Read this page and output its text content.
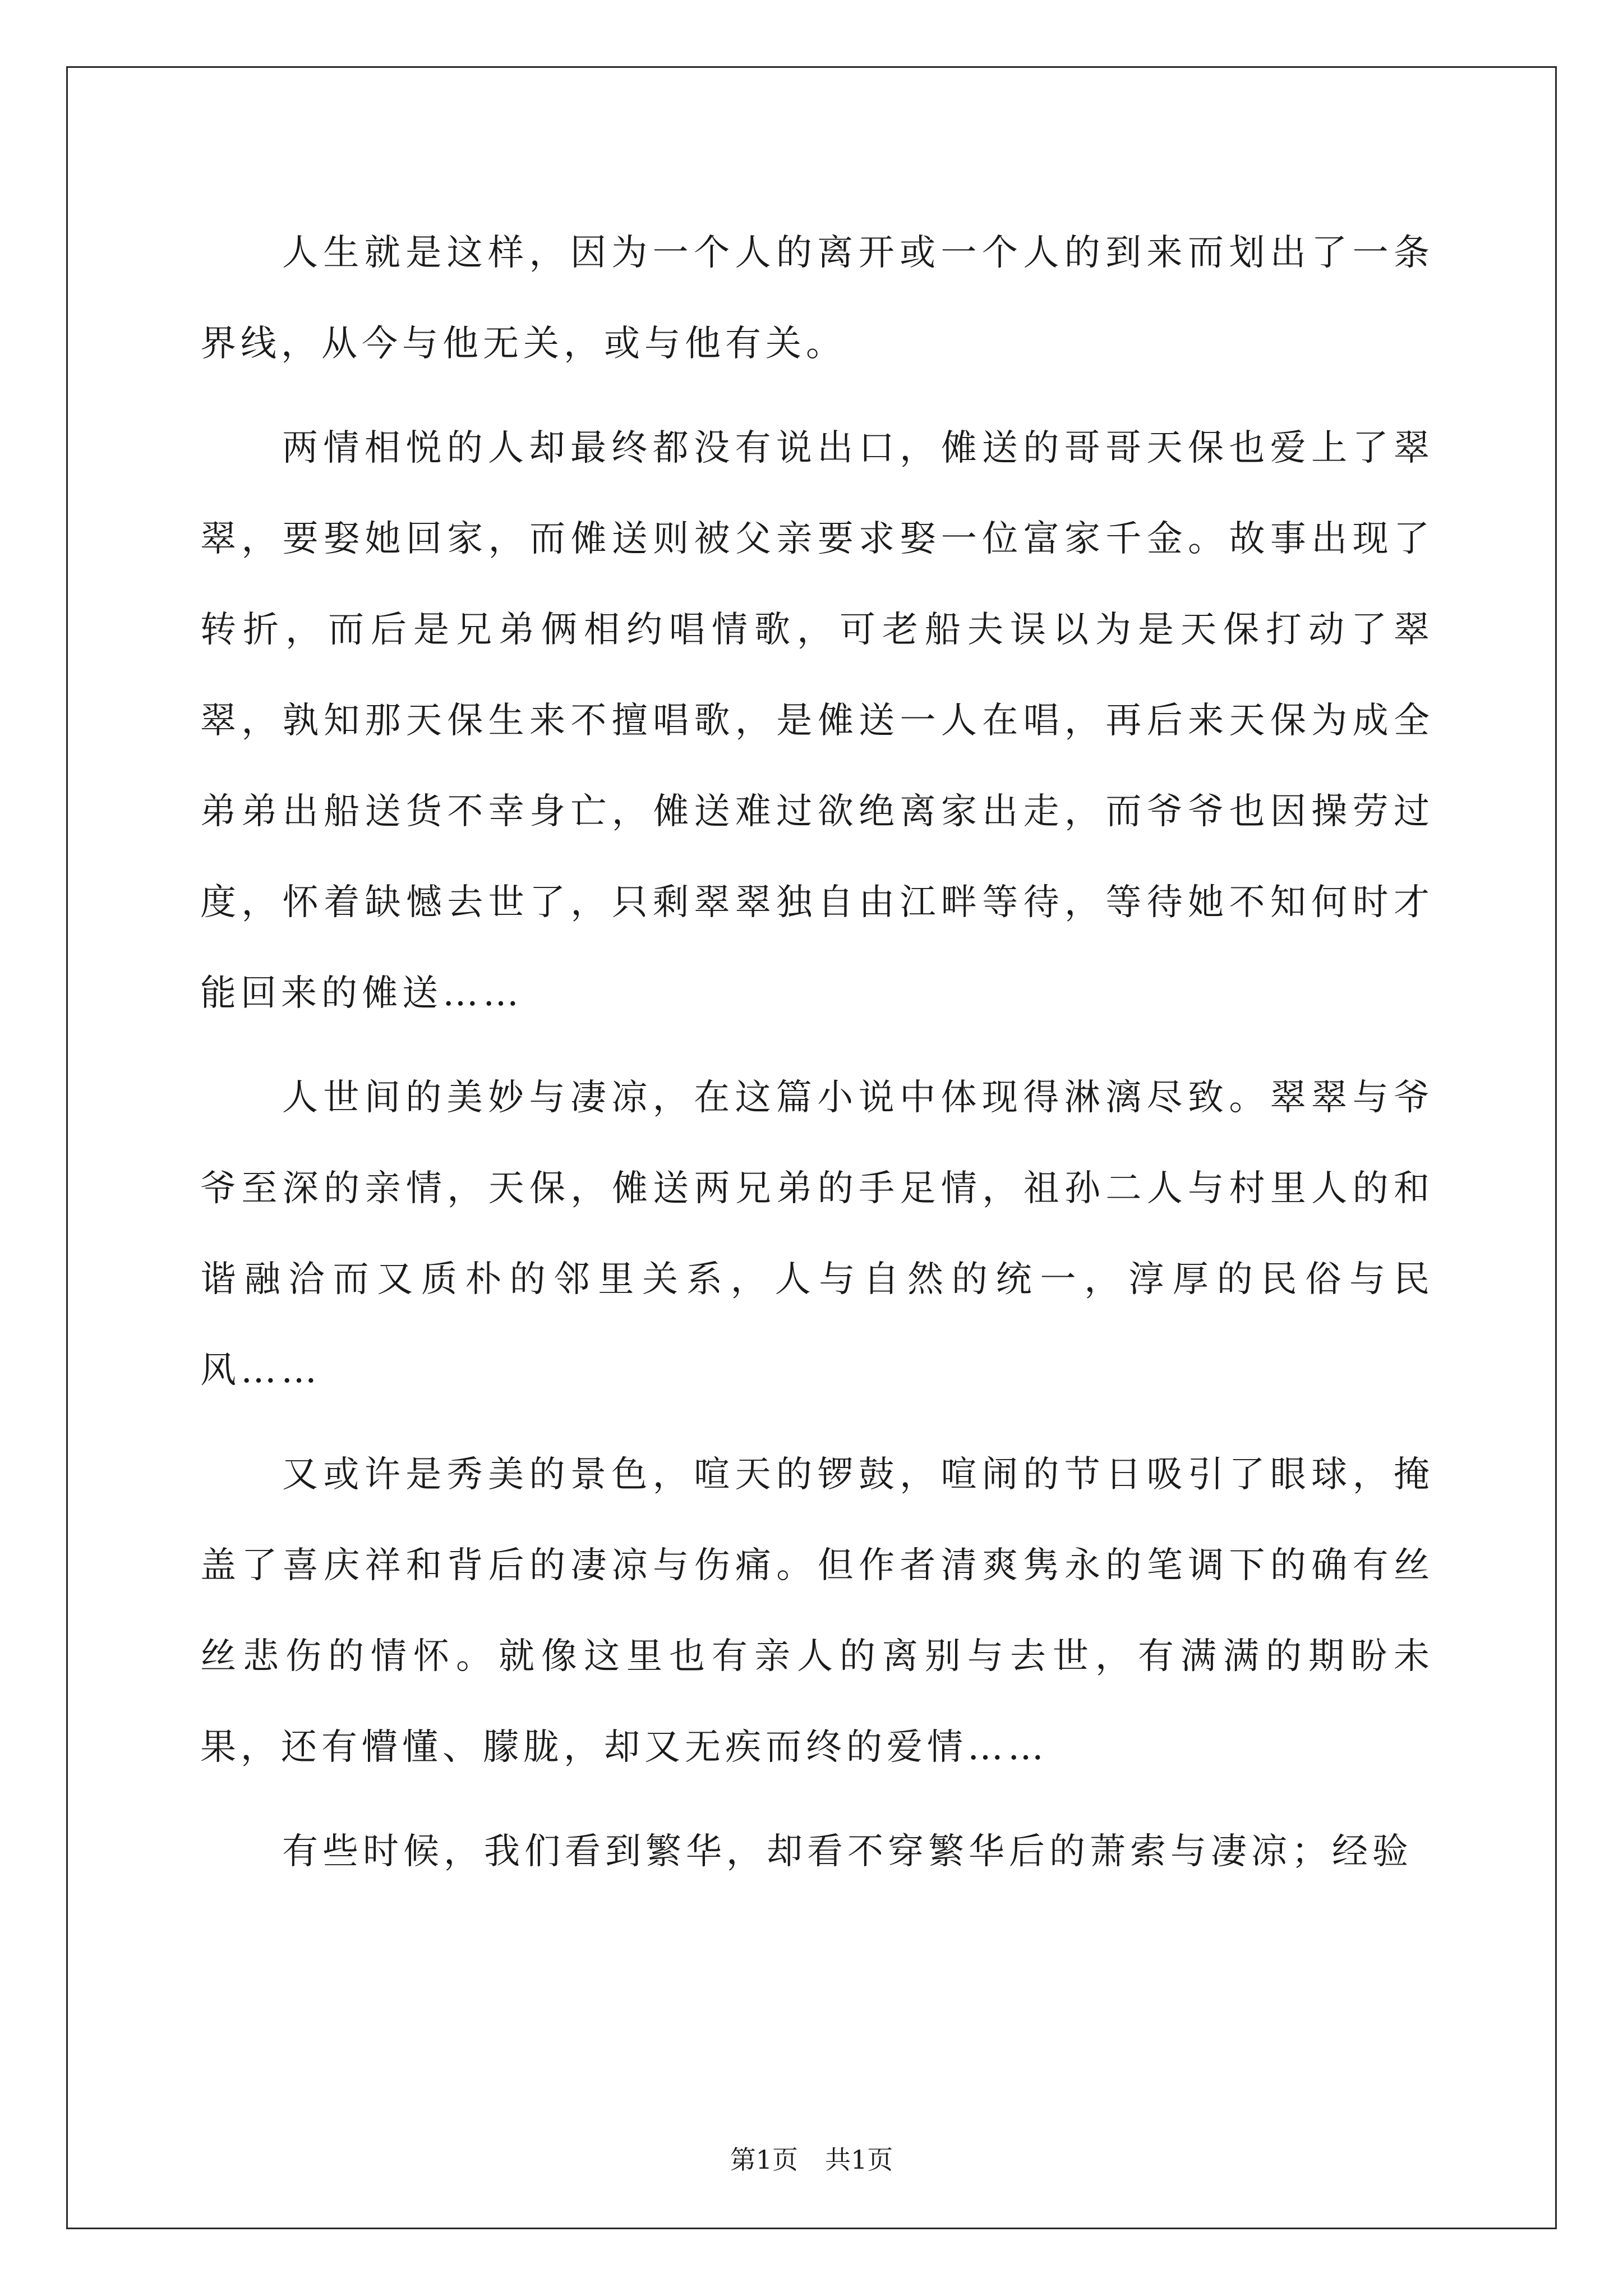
人生就是这样，因为一个人的离开或一个人的到来而划出了一条界线，从今与他无关，或与他有关。

两情相悦的人却最终都没有说出口，傩送的哥哥天保也爱上了翠翠，要娶她回家，而傩送则被父亲要求娶一位富家千金。故事出现了转折，而后是兄弟俩相约唱情歌，可老船夫误以为是天保打动了翠翠，孰知那天保生来不擅唱歌，是傩送一人在唱，再后来天保为成全弟弟出船送货不幸身亡，傩送难过欲绝离家出走，而爷爷也因操劳过度，怀着缺憾去世了，只剩翠翠独自由江畔等待，等待她不知何时才能回来的傩送……

人世间的美妙与凄凉，在这篇小说中体现得淋漓尽致。翠翠与爷爷至深的亲情，天保，傩送两兄弟的手足情，祖孙二人与村里人的和谐融洽而又质朴的邻里关系，人与自然的统一，淳厚的民俗与民风……

又或许是秀美的景色，喧天的锣鼓，喧闹的节日吸引了眼球，掩盖了喜庆祥和背后的凄凉与伤痛。但作者清爽隽永的笔调下的确有丝丝悲伤的情怀。就像这里也有亲人的离别与去世，有满满的期盼未果，还有懵懂、朦胧，却又无疾而终的爱情……

有些时候，我们看到繁华，却看不穿繁华后的萧索与凄凉；经验

第1页 共1页
